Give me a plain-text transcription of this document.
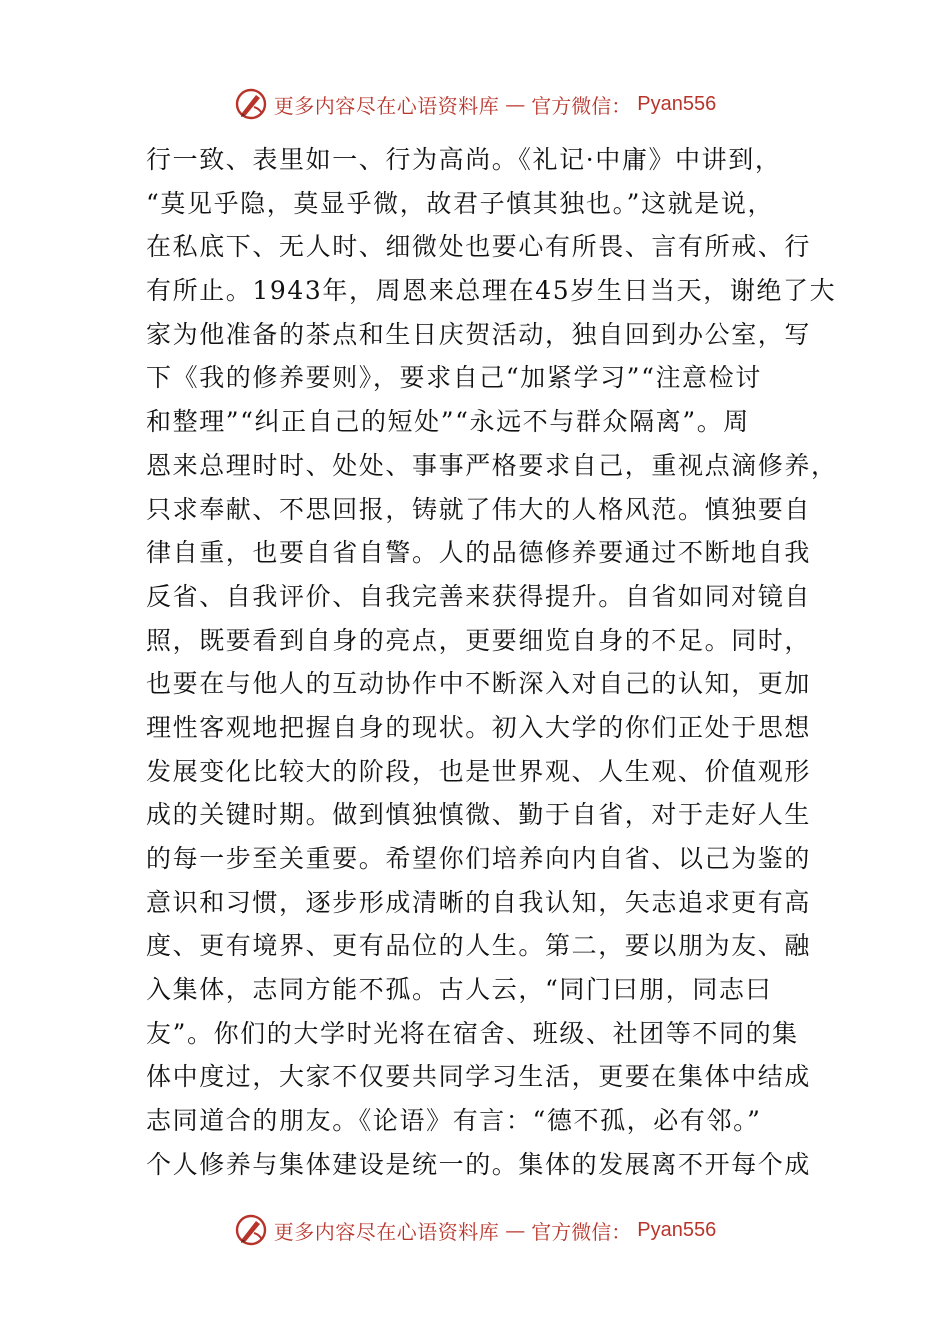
更多内容尽在心语资料库 — 官方微信： Pyan556
行一致、表里如一、行为高尚。《礼记·中庸》中讲到，
“莫见乎隐，莫显乎微，故君子慎其独也。”这就是说，
在私底下、无人时、细微处也要心有所畏、言有所戒、行
有所止。1943年，周恩来总理在45岁生日当天，谢绝了大
家为他准备的茶点和生日庆贺活动，独自回到办公室，写
下《我的修养要则》，要求自己“加紧学习”“注意检讨
和整理”“纠正自己的短处”“永远不与群众隔离”。周
恩来总理时时、处处、事事严格要求自己，重视点滴修养，
只求奉献、不思回报，铸就了伟大的人格风范。慎独要自
律自重，也要自省自警。人的品德修养要通过不断地自我
反省、自我评价、自我完善来获得提升。自省如同对镜自
照，既要看到自身的亮点，更要细览自身的不足。同时，
也要在与他人的互动协作中不断深入对自己的认知，更加
理性客观地把握自身的现状。初入大学的你们正处于思想
发展变化比较大的阶段，也是世界观、人生观、价值观形
成的关键时期。做到慎独慎微、勤于自省，对于走好人生
的每一步至关重要。希望你们培养向内自省、以己为鉴的
意识和习惯，逐步形成清晰的自我认知，矢志追求更有高
度、更有境界、更有品位的人生。第二，要以朋为友、融
入集体，志同方能不孤。古人云，“同门曰朋，同志曰
友”。你们的大学时光将在宿舍、班级、社团等不同的集
体中度过，大家不仅要共同学习生活，更要在集体中结成
志同道合的朋友。《论语》有言：“德不孤，必有邻。”
个人修养与集体建设是统一的。集体的发展离不开每个成
更多内容尽在心语资料库 — 官方微信： Pyan556
